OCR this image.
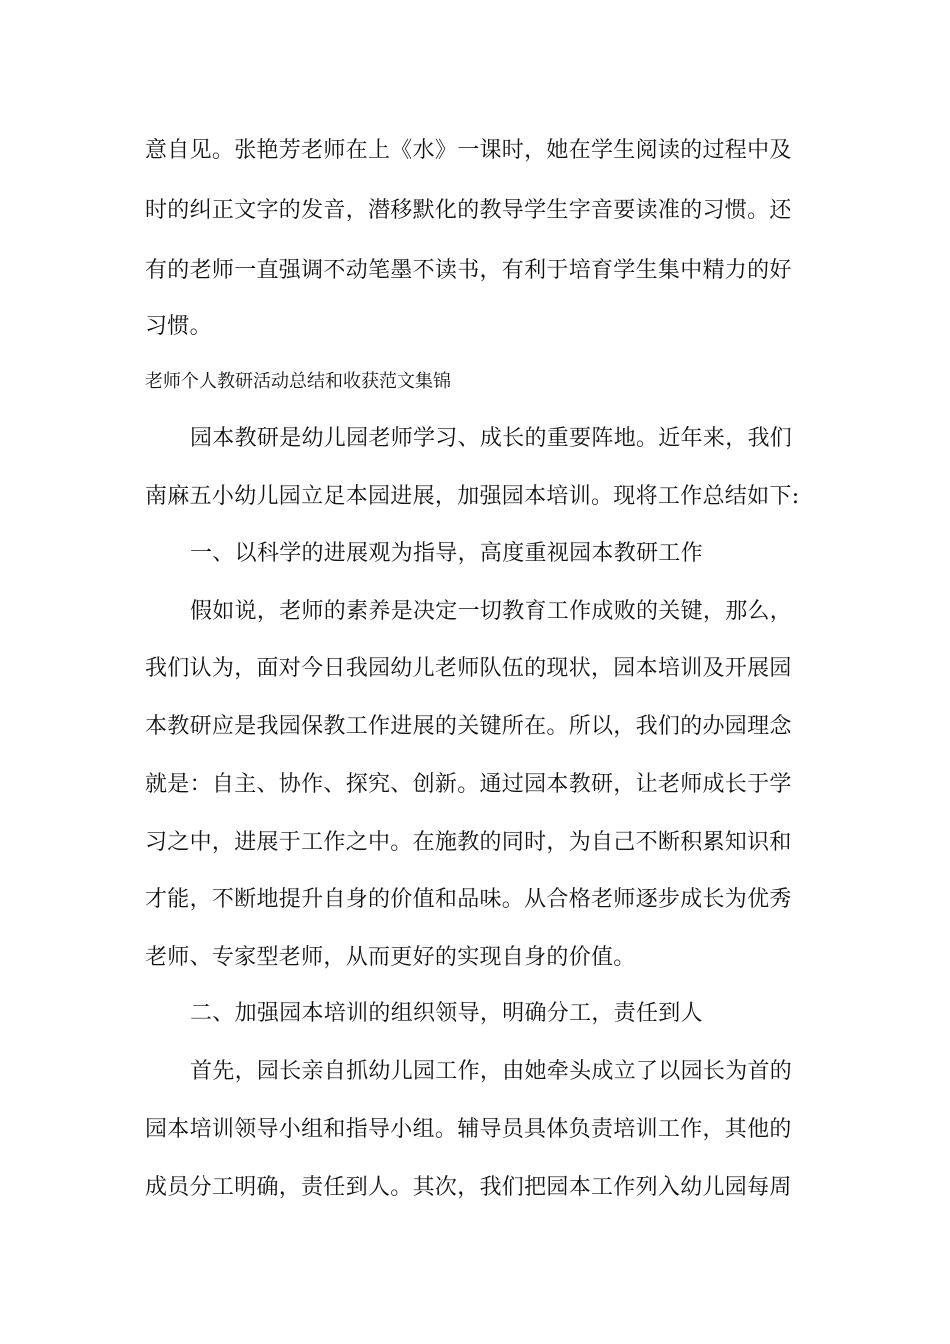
意自见。张艳芳老师在上《水》一课时，她在学生阅读的过程中及
时的纠正文字的发音，潜移默化的教导学生字音要读准的习惯。还
有的老师一直强调不动笔墨不读书，有利于培育学生集中精力的好
习惯。
老师个人教研活动总结和收获范文集锦
园本教研是幼儿园老师学习、成长的重要阵地。近年来，我们
南麻五小幼儿园立足本园进展，加强园本培训。现将工作总结如下:
一、以科学的进展观为指导，高度重视园本教研工作
假如说，老师的素养是决定一切教育工作成败的关键，那么，
我们认为，面对今日我园幼儿老师队伍的现状，园本培训及开展园
本教研应是我园保教工作进展的关键所在。所以，我们的办园理念
就是：自主、协作、探究、创新。通过园本教研，让老师成长于学
习之中，进展于工作之中。在施教的同时，为自己不断积累知识和
才能，不断地提升自身的价值和品味。从合格老师逐步成长为优秀
老师、专家型老师，从而更好的实现自身的价值。
二、加强园本培训的组织领导，明确分工，责任到人
首先，园长亲自抓幼儿园工作，由她牵头成立了以园长为首的
园本培训领导小组和指导小组。辅导员具体负责培训工作，其他的
成员分工明确，责任到人。其次，我们把园本工作列入幼儿园每周
